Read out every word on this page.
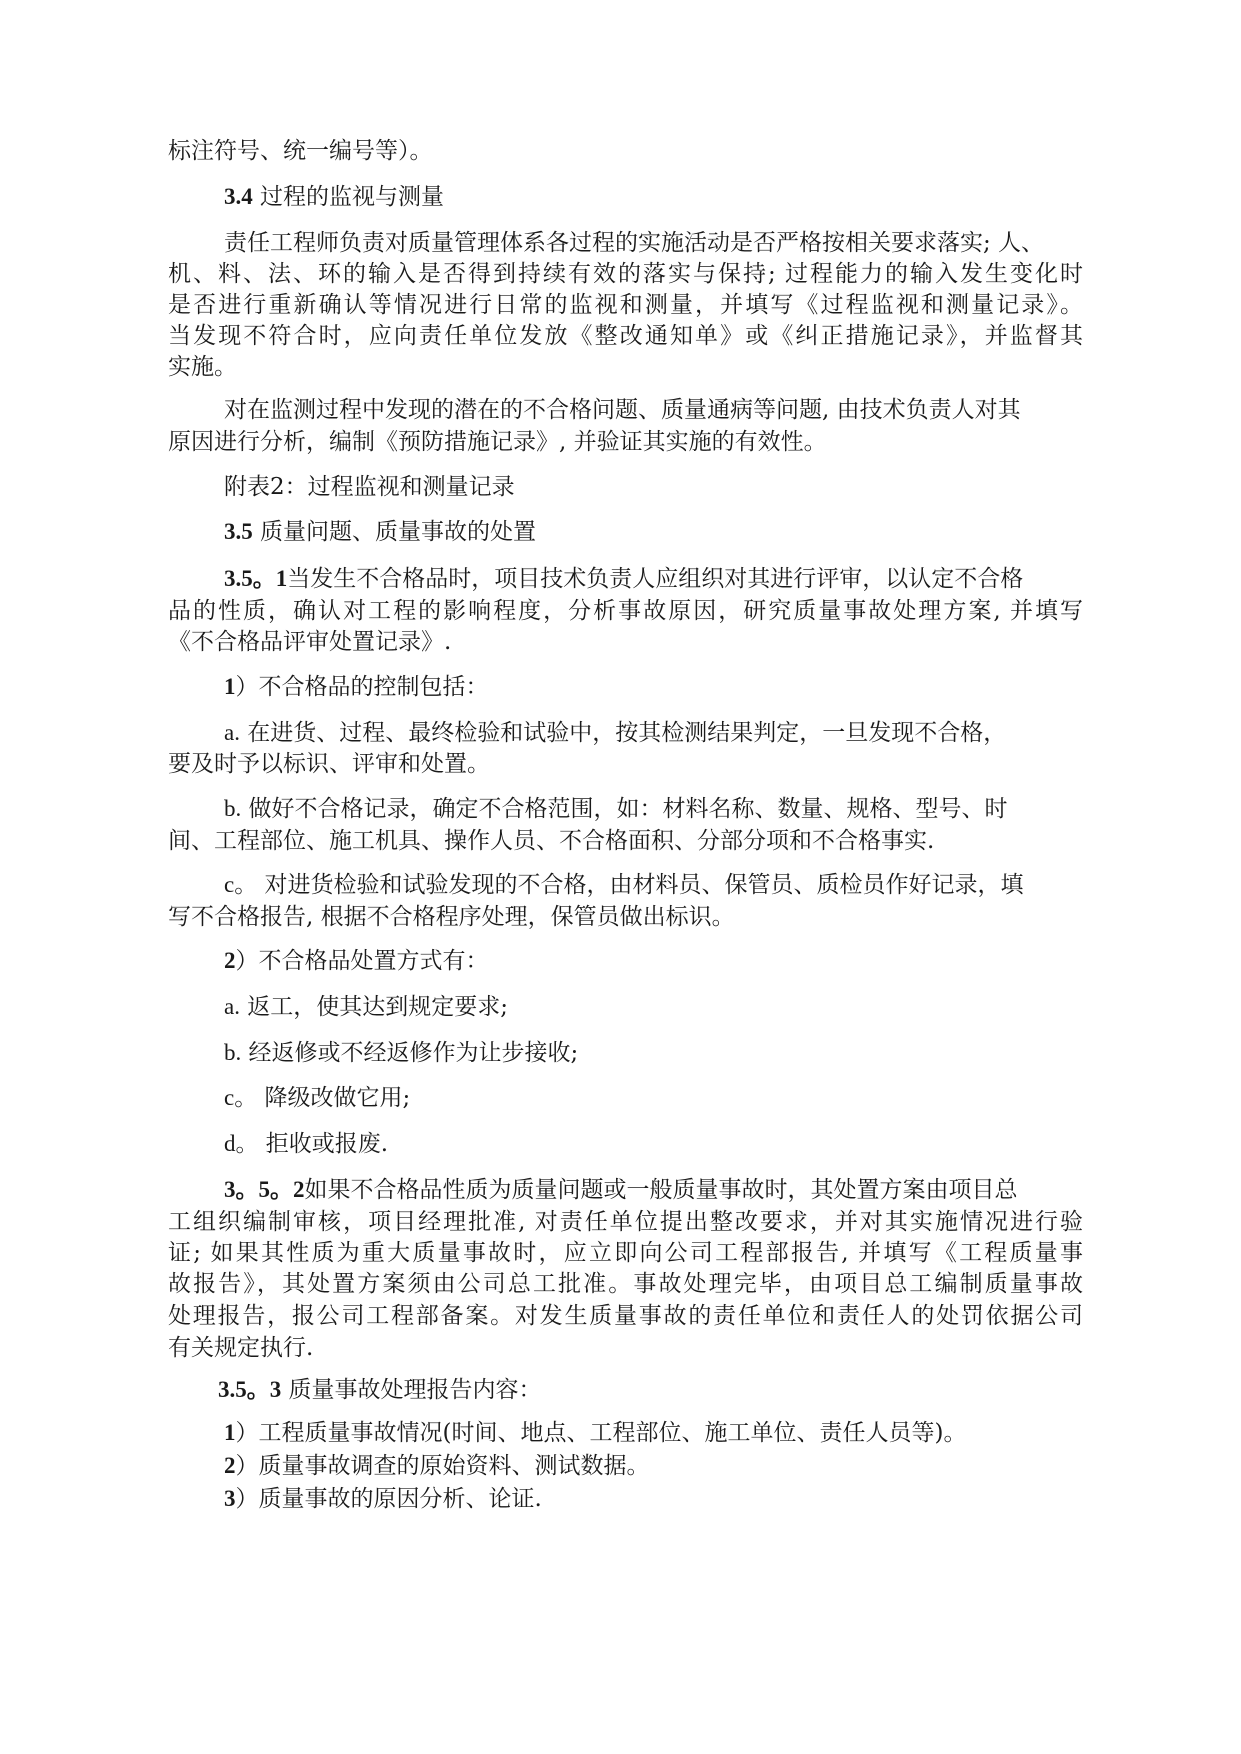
标注符号、统一编号等）。
3.4 过程的监视与测量
责任工程师负责对质量管理体系各过程的实施活动是否严格按相关要求落实; 人、
机、料、法、环的输入是否得到持续有效的落实与保持; 过程能力的输入发生变化时
是否进行重新确认等情况进行日常的监视和测量，并填写《过程监视和测量记录》。
当发现不符合时，应向责任单位发放《整改通知单》或《纠正措施记录》，并监督其
实施。
对在监测过程中发现的潜在的不合格问题、质量通病等问题, 由技术负责人对其
原因进行分析，编制《预防措施记录》, 并验证其实施的有效性。
附表2：过程监视和测量记录
3.5 质量问题、质量事故的处置
3.5。1当发生不合格品时，项目技术负责人应组织对其进行评审，以认定不合格
品的性质，确认对工程的影响程度，分析事故原因，研究质量事故处理方案, 并填写
《不合格品评审处置记录》.
1）不合格品的控制包括：
a. 在进货、过程、最终检验和试验中，按其检测结果判定，一旦发现不合格，
要及时予以标识、评审和处置。
b. 做好不合格记录，确定不合格范围，如：材料名称、数量、规格、型号、时
间、工程部位、施工机具、操作人员、不合格面积、分部分项和不合格事实.
c。 对进货检验和试验发现的不合格，由材料员、保管员、质检员作好记录，填
写不合格报告, 根据不合格程序处理，保管员做出标识。
2）不合格品处置方式有：
a. 返工，使其达到规定要求;
b. 经返修或不经返修作为让步接收;
c。 降级改做它用;
d。 拒收或报废.
3。5。2如果不合格品性质为质量问题或一般质量事故时，其处置方案由项目总
工组织编制审核，项目经理批准, 对责任单位提出整改要求，并对其实施情况进行验
证; 如果其性质为重大质量事故时，应立即向公司工程部报告, 并填写《工程质量事
故报告》，其处置方案须由公司总工批准。事故处理完毕，由项目总工编制质量事故
处理报告，报公司工程部备案。对发生质量事故的责任单位和责任人的处罚依据公司
有关规定执行.
3.5。3 质量事故处理报告内容：
1）工程质量事故情况(时间、地点、工程部位、施工单位、责任人员等)。
2）质量事故调查的原始资料、测试数据。
3）质量事故的原因分析、论证.
